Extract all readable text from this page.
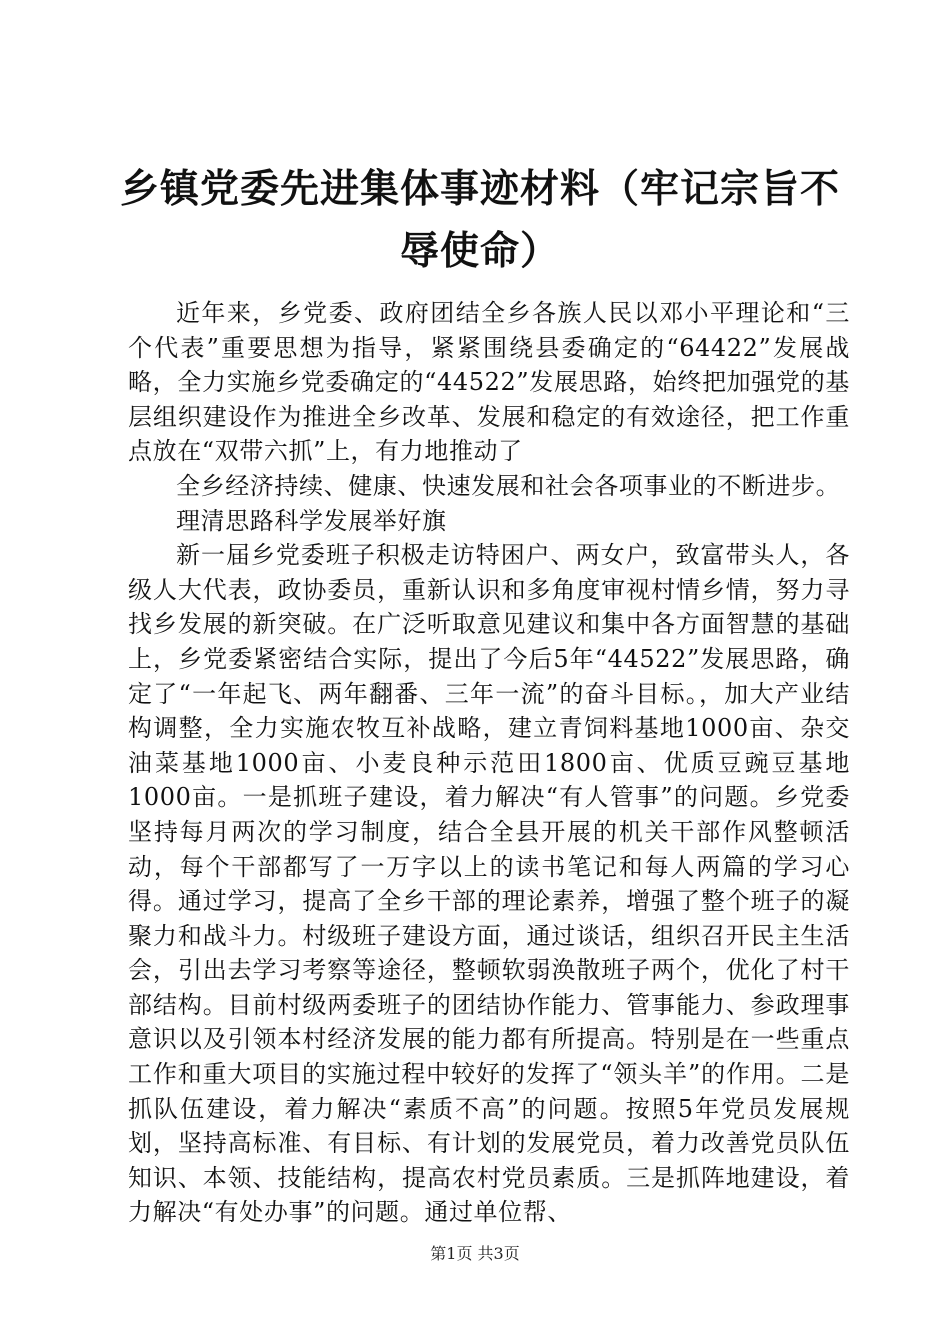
乡镇党委先进集体事迹材料（牢记宗旨不辱使命）

近年来，乡党委、政府团结全乡各族人民以邓小平理论和“三个代表”重要思想为指导，紧紧围绕县委确定的“64422”发展战略，全力实施乡党委确定的“44522”发展思路，始终把加强党的基层组织建设作为推进全乡改革、发展和稳定的有效途径，把工作重点放在“双带六抓”上，有力地推动了

全乡经济持续、健康、快速发展和社会各项事业的不断进步。

理清思路科学发展举好旗

新一届乡党委班子积极走访特困户、两女户，致富带头人，各级人大代表，政协委员，重新认识和多角度审视村情乡情，努力寻找乡发展的新突破。在广泛听取意见建议和集中各方面智慧的基础上，乡党委紧密结合实际，提出了今后5年“44522”发展思路，确定了“一年起飞、两年翻番、三年一流”的奋斗目标。，加大产业结构调整，全力实施农牧互补战略，建立青饲料基地1000亩、杂交油菜基地1000亩、小麦良种示范田1800亩、优质豆豌豆基地1000亩。一是抓班子建设，着力解决“有人管事”的问题。乡党委坚持每月两次的学习制度，结合全县开展的机关干部作风整顿活动，每个干部都写了一万字以上的读书笔记和每人两篇的学习心得。通过学习，提高了全乡干部的理论素养，增强了整个班子的凝聚力和战斗力。村级班子建设方面，通过谈话，组织召开民主生活会，引出去学习考察等途径，整顿软弱涣散班子两个，优化了村干部结构。目前村级两委班子的团结协作能力、管事能力、参政理事意识以及引领本村经济发展的能力都有所提高。特别是在一些重点工作和重大项目的实施过程中较好的发挥了“领头羊”的作用。二是抓队伍建设，着力解决“素质不高”的问题。按照5年党员发展规划，坚持高标准、有目标、有计划的发展党员，着力改善党员队伍知识、本领、技能结构，提高农村党员素质。三是抓阵地建设，着力解决“有处办事”的问题。通过单位帮、

第1页 共3页
